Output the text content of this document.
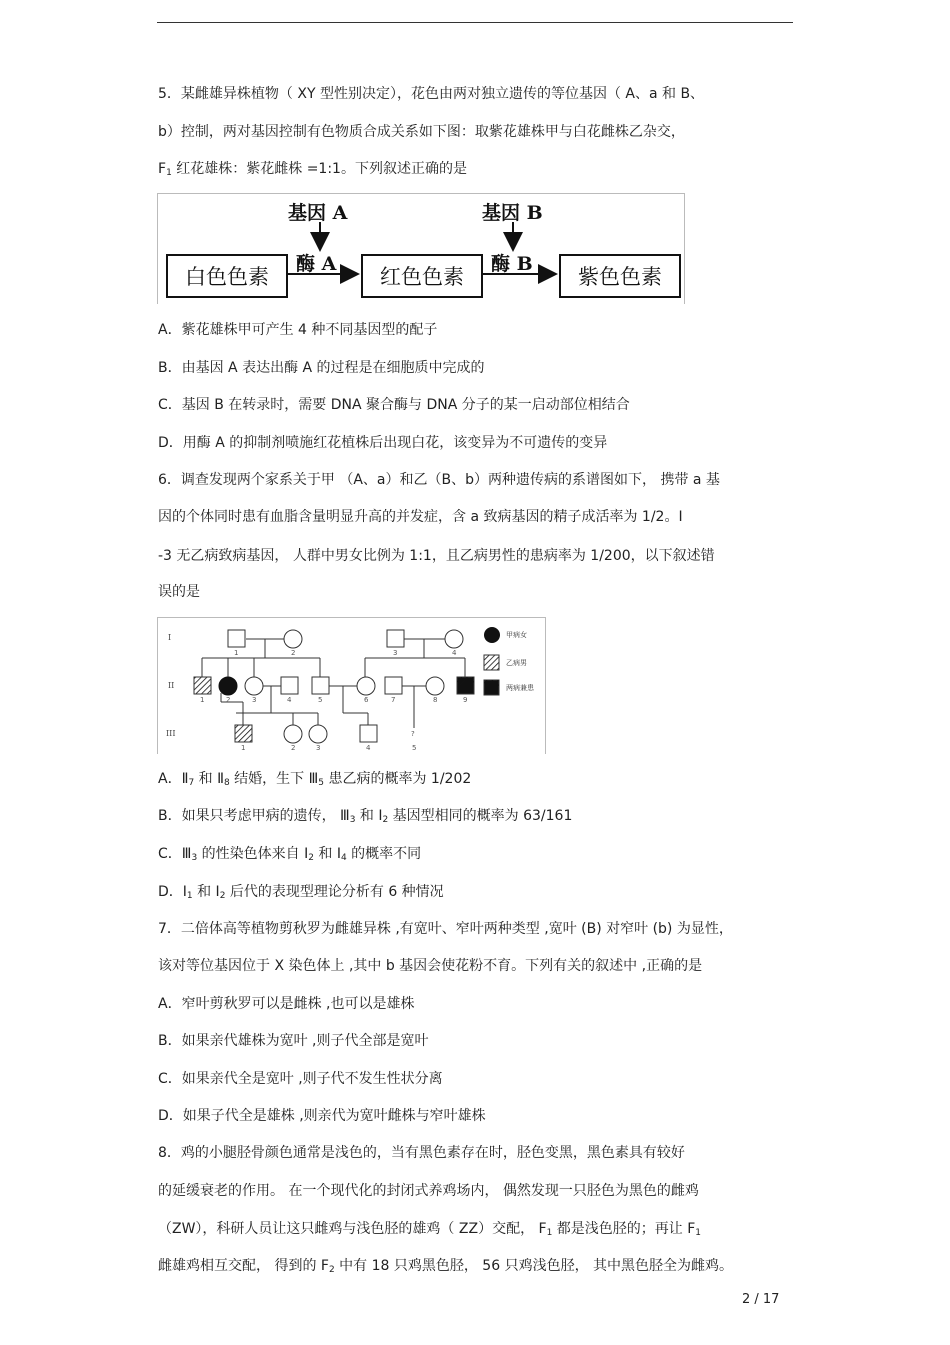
5．某雌雄异株植物（ XY 型性别决定），花色由两对独立遗传的等位基因（ A、a 和 B、
b）控制，两对基因控制有色物质合成关系如下图：取紫花雄株甲与白花雌株乙杂交，
$F_1$ 红花雄株：紫花雌株 =1:1。下列叙述正确的是
白色色素	红色色素	紫色色素
基因 A	基因 B
酶 A	酶 B
A．紫花雄株甲可产生 4 种不同基因型的配子
B．由基因 A 表达出酶 A 的过程是在细胞质中完成的
C．基因 B 在转录时，需要 DNA 聚合酶与 DNA 分子的某一启动部位相结合
D．用酶 A 的抑制剂喷施红花植株后出现白花，该变异为不可遗传的变异
6．调查发现两个家系关于甲 （A、a）和乙（B、b）两种遗传病的系谱图如下， 携带 a 基
因的个体同时患有血脂含量明显升高的并发症，含 a 致病基因的精子成活率为 1/2。I
-3 无乙病致病基因， 人群中男女比例为 1:1，且乙病男性的患病率为 1/200，以下叙述错
误的是
I
II
III
甲病女
乙病男
两病兼患
?
1	2	3	4
1	2	3	4	5	6	7	8	9
1	2	3	4	5
A．$Ⅱ_7$ 和 $Ⅱ_8$ 结婚，生下 $Ⅲ_5$ 患乙病的概率为 1/202
B．如果只考虑甲病的遗传， $Ⅲ_3$ 和 $I_2$ 基因型相同的概率为 63/161
C．$Ⅲ_3$ 的性染色体来自 $I_2$ 和 $I_4$ 的概率不同
D．$I_1$ 和 $I_2$ 后代的表现型理论分析有 6 种情况
7．二倍体高等植物剪秋罗为雌雄异株 ,有宽叶、窄叶两种类型 ,宽叶 (B) 对窄叶 (b) 为显性，
该对等位基因位于 X 染色体上 ,其中 b 基因会使花粉不育。下列有关的叙述中 ,正确的是
A．窄叶剪秋罗可以是雌株 ,也可以是雄株
B．如果亲代雄株为宽叶 ,则子代全部是宽叶
C．如果亲代全是宽叶 ,则子代不发生性状分离
D．如果子代全是雄株 ,则亲代为宽叶雌株与窄叶雄株
8．鸡的小腿胫骨颜色通常是浅色的，当有黑色素存在时，胫色变黑，黑色素具有较好
的延缓衰老的作用。 在一个现代化的封闭式养鸡场内， 偶然发现一只胫色为黑色的雌鸡
（ZW），科研人员让这只雌鸡与浅色胫的雄鸡（ ZZ）交配， $F_1$ 都是浅色胫的；再让 $F_1$
雌雄鸡相互交配， 得到的 $F_2$ 中有 18 只鸡黑色胫， 56 只鸡浅色胫， 其中黑色胫全为雌鸡。
2 / 17
